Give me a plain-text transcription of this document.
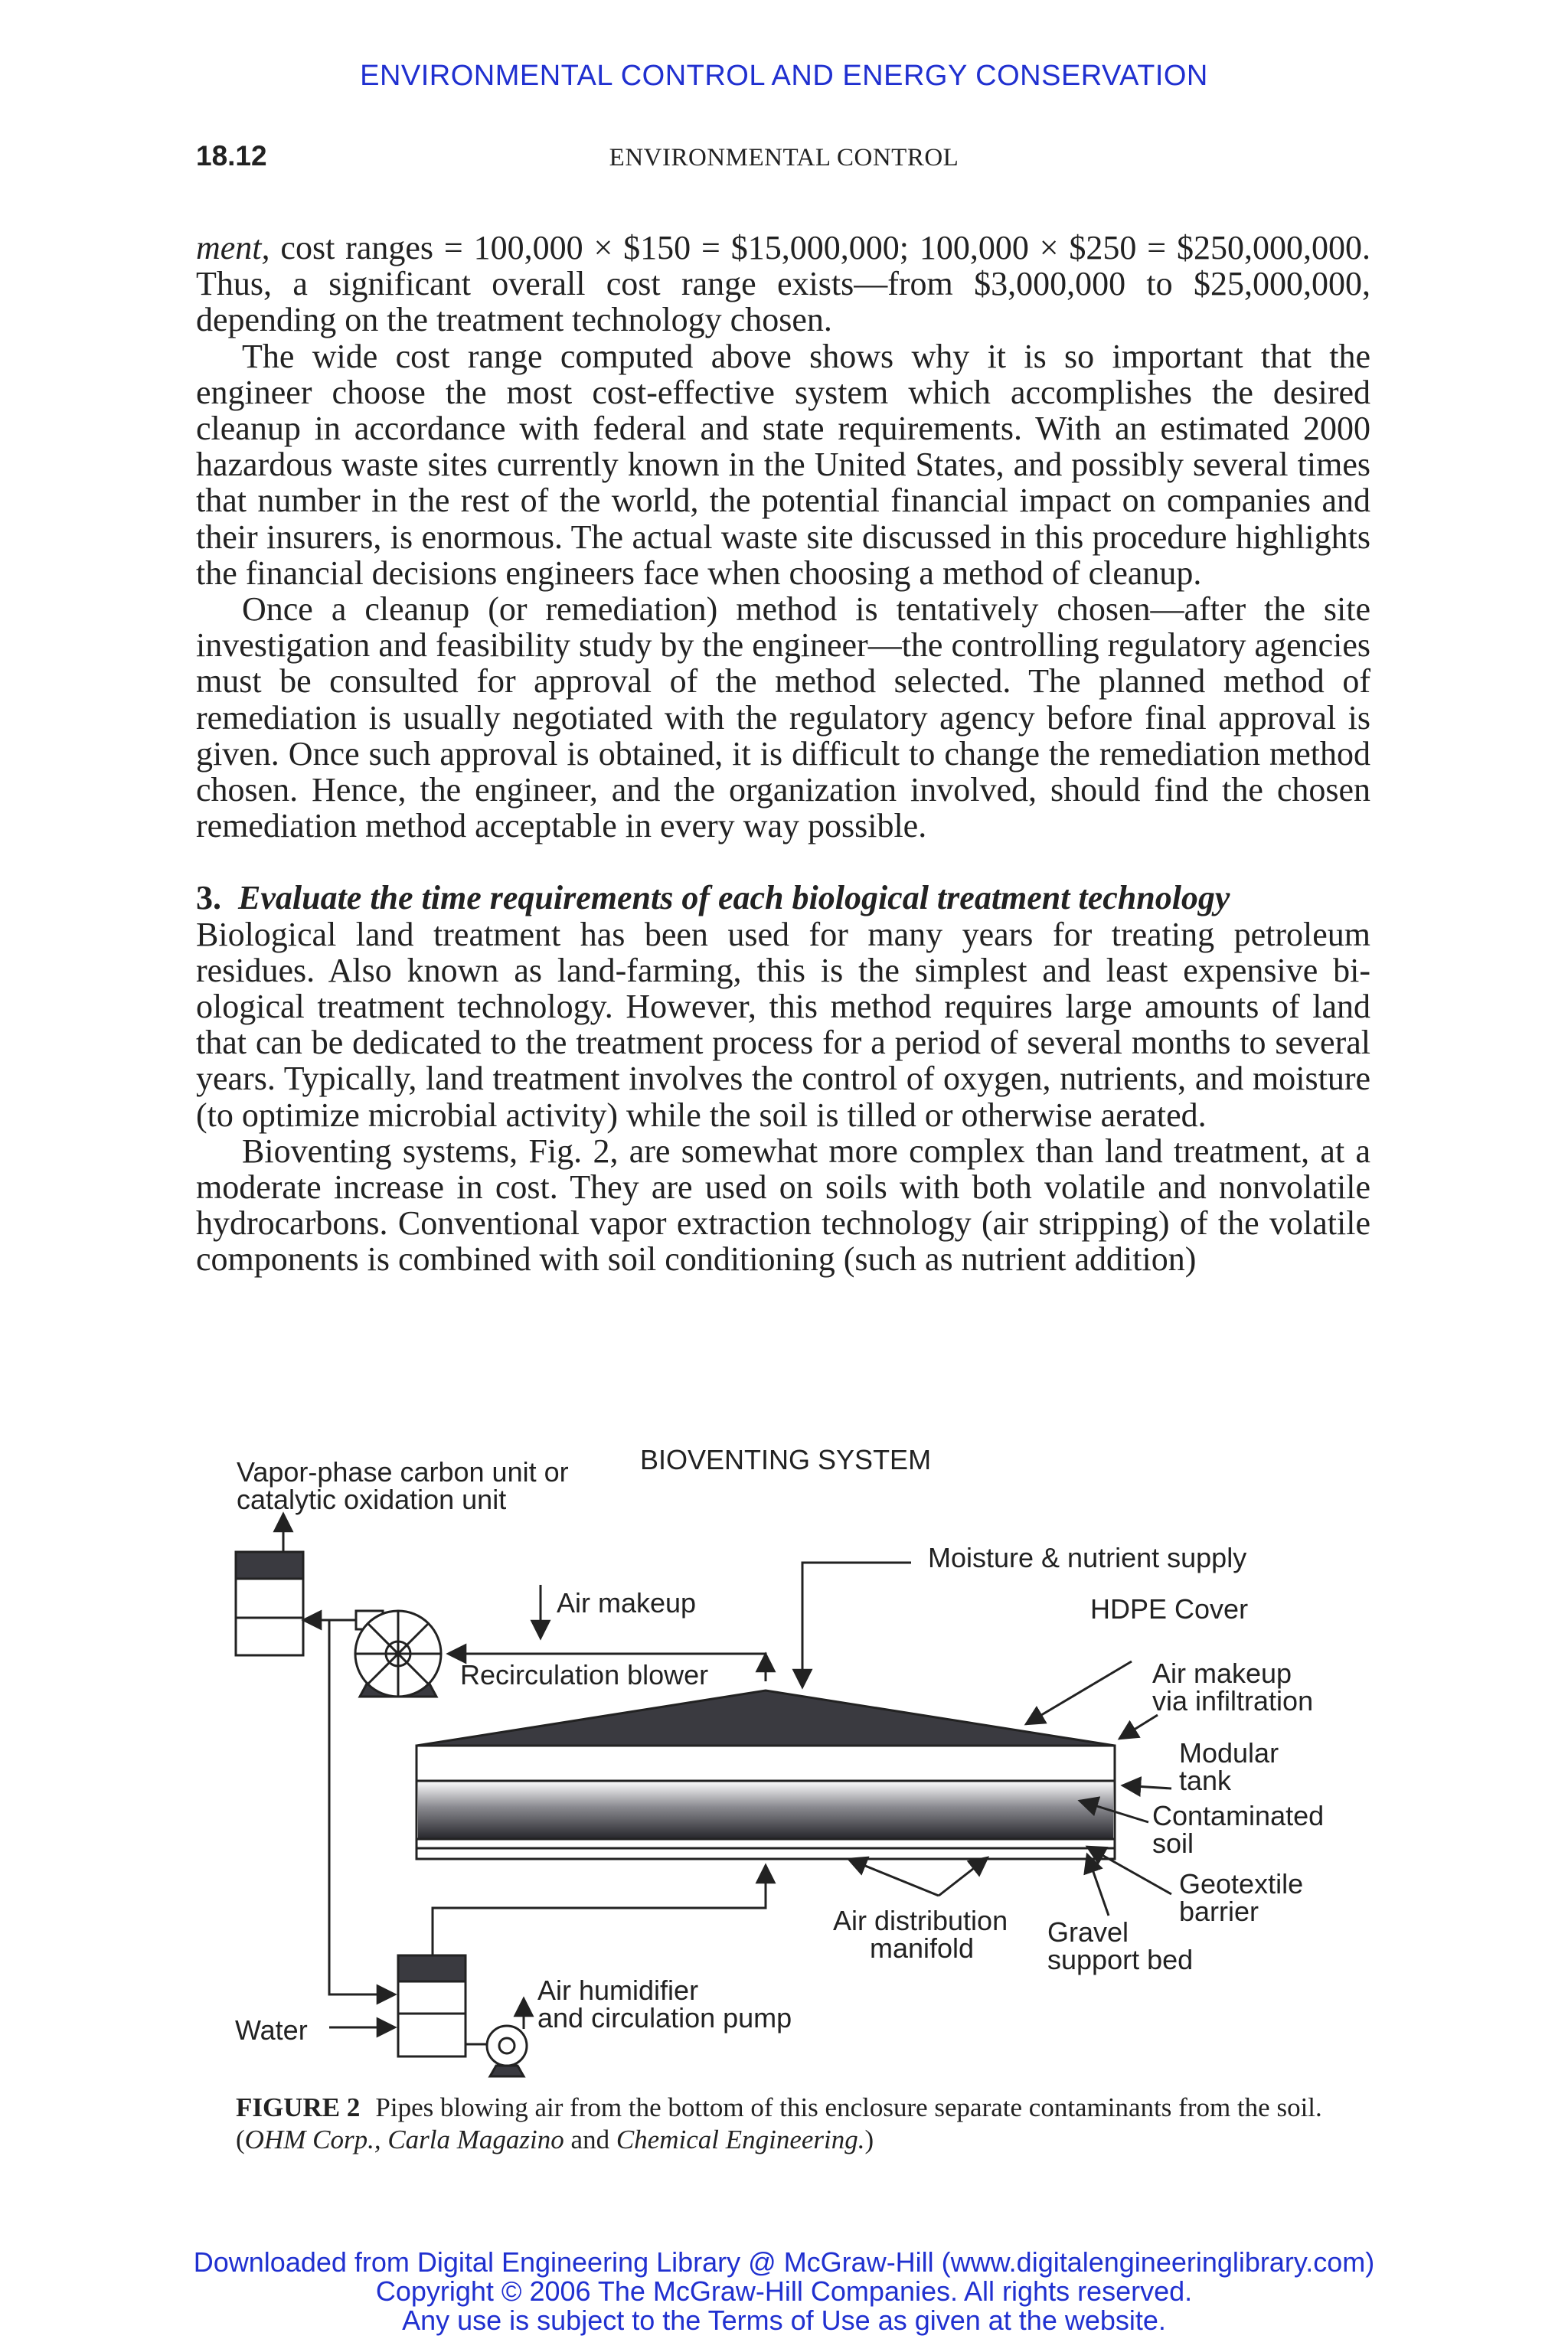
ENVIRONMENTAL CONTROL AND ENERGY CONSERVATION
18.12	ENVIRONMENTAL CONTROL

ment, cost ranges = 100,000 × $150 = $15,000,000; 100,000 × $250 = $250,000,000. Thus, a significant overall cost range exists—from $3,000,000 to $25,000,000, depending on the treatment technology chosen.

The wide cost range computed above shows why it is so important that the engineer choose the most cost-effective system which accomplishes the desired cleanup in accordance with federal and state requirements. With an estimated 2000 hazardous waste sites currently known in the United States, and possibly several times that number in the rest of the world, the potential financial impact on companies and their insurers, is enormous. The actual waste site discussed in this procedure highlights the financial decisions engineers face when choosing a method of cleanup.

Once a cleanup (or remediation) method is tentatively chosen—after the site investigation and feasibility study by the engineer—the controlling regulatory agencies must be consulted for approval of the method selected. The planned method of remediation is usually negotiated with the regulatory agency before final approval is given. Once such approval is obtained, it is difficult to change the remediation method chosen. Hence, the engineer, and the organization involved, should find the chosen remediation method acceptable in every way possible.

3. Evaluate the time requirements of each biological treatment technology

Biological land treatment has been used for many years for treating petroleum residues. Also known as land-farming, this is the simplest and least expensive biological treatment technology. However, this method requires large amounts of land that can be dedicated to the treatment process for a period of several months to several years. Typically, land treatment involves the control of oxygen, nutrients, and moisture (to optimize microbial activity) while the soil is tilled or otherwise aerated.

Bioventing systems, Fig. 2, are somewhat more complex than land treatment, at a moderate increase in cost. They are used on soils with both volatile and nonvolatile hydrocarbons. Conventional vapor extraction technology (air stripping) of the volatile components is combined with soil conditioning (such as nutrient addition)

BIOVENTING SYSTEM
Vapor-phase carbon unit or
catalytic oxidation unit
Air makeup
Recirculation blower
Moisture & nutrient supply
HDPE Cover
Air makeup
via infiltration
Modular
tank
Contaminated
soil
Geotextile
barrier
Air distribution
manifold
Gravel
support bed
Air humidifier
and circulation pump
Water
FIGURE 2 Pipes blowing air from the bottom of this enclosure separate contaminants from the soil. (OHM Corp., Carla Magazino and Chemical Engineering.)
Downloaded from Digital Engineering Library @ McGraw-Hill (www.digitalengineeringlibrary.com)
Copyright © 2006 The McGraw-Hill Companies. All rights reserved.
Any use is subject to the Terms of Use as given at the website.
